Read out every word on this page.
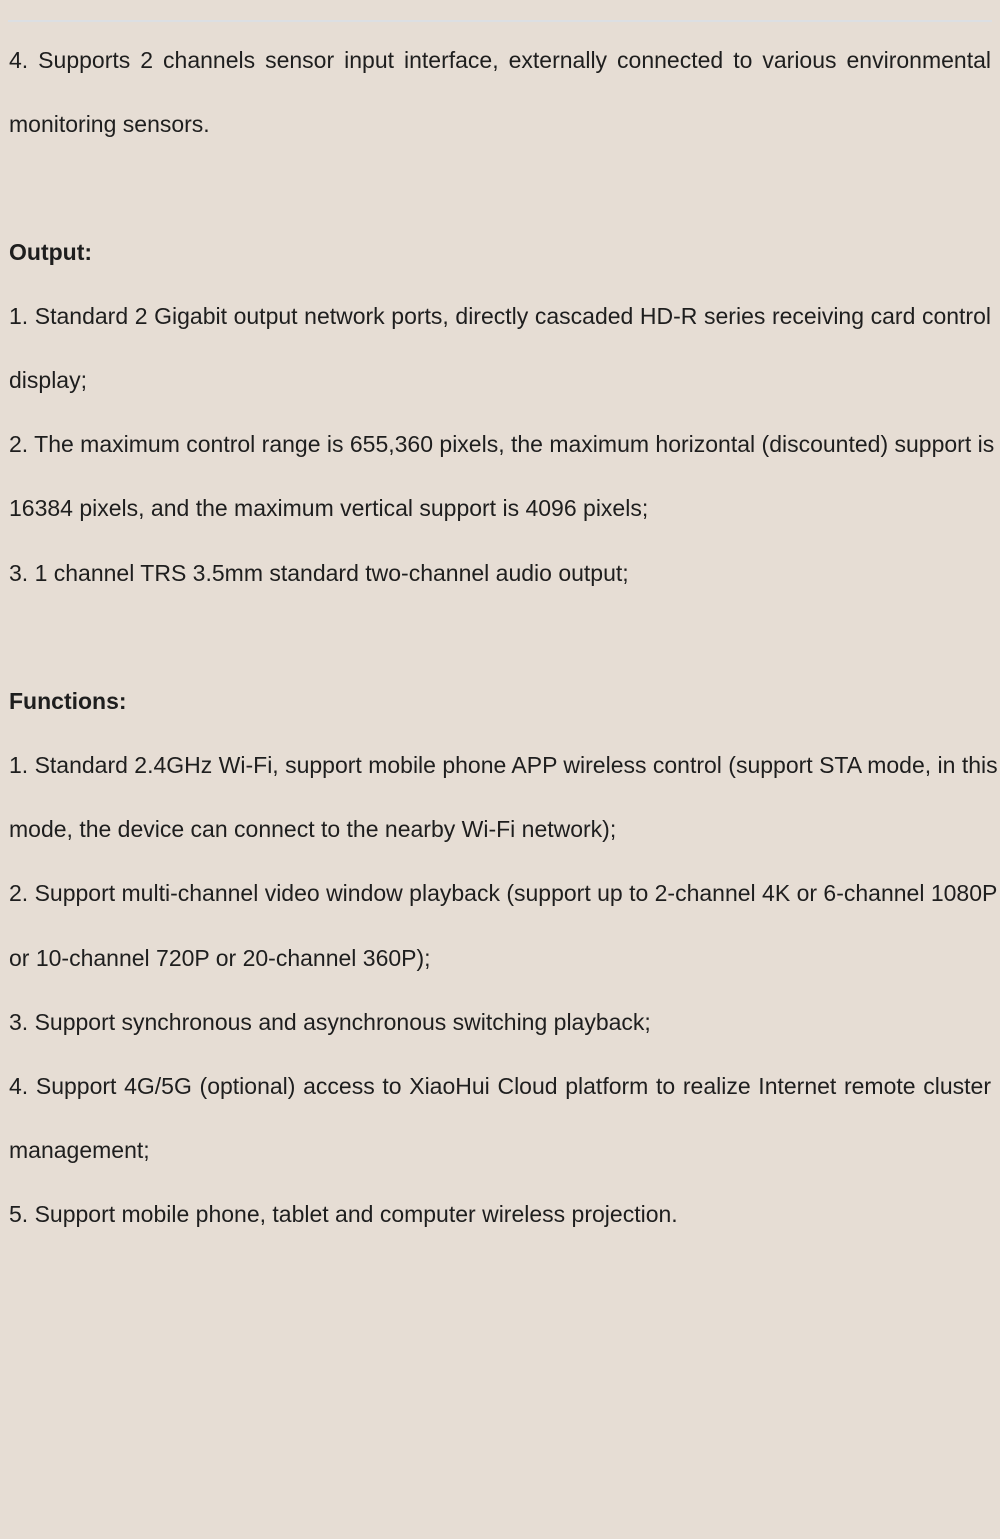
4. Supports 2 channels sensor input interface, externally connected to various environmental
monitoring sensors.
Output:
1. Standard 2 Gigabit output network ports, directly cascaded HD-R series receiving card control
display;
2. The maximum control range is 655,360 pixels, the maximum horizontal (discounted) support is
16384 pixels, and the maximum vertical support is 4096 pixels;
3. 1 channel TRS 3.5mm standard two-channel audio output;
Functions:
1. Standard 2.4GHz Wi-Fi, support mobile phone APP wireless control (support STA mode, in this
mode, the device can connect to the nearby Wi-Fi network);
2. Support multi-channel video window playback (support up to 2-channel 4K or 6-channel 1080P
or 10-channel 720P or 20-channel 360P);
3. Support synchronous and asynchronous switching playback;
4. Support 4G/5G (optional) access to XiaoHui Cloud platform to realize Internet remote cluster
management;
5. Support mobile phone, tablet and computer wireless projection.
